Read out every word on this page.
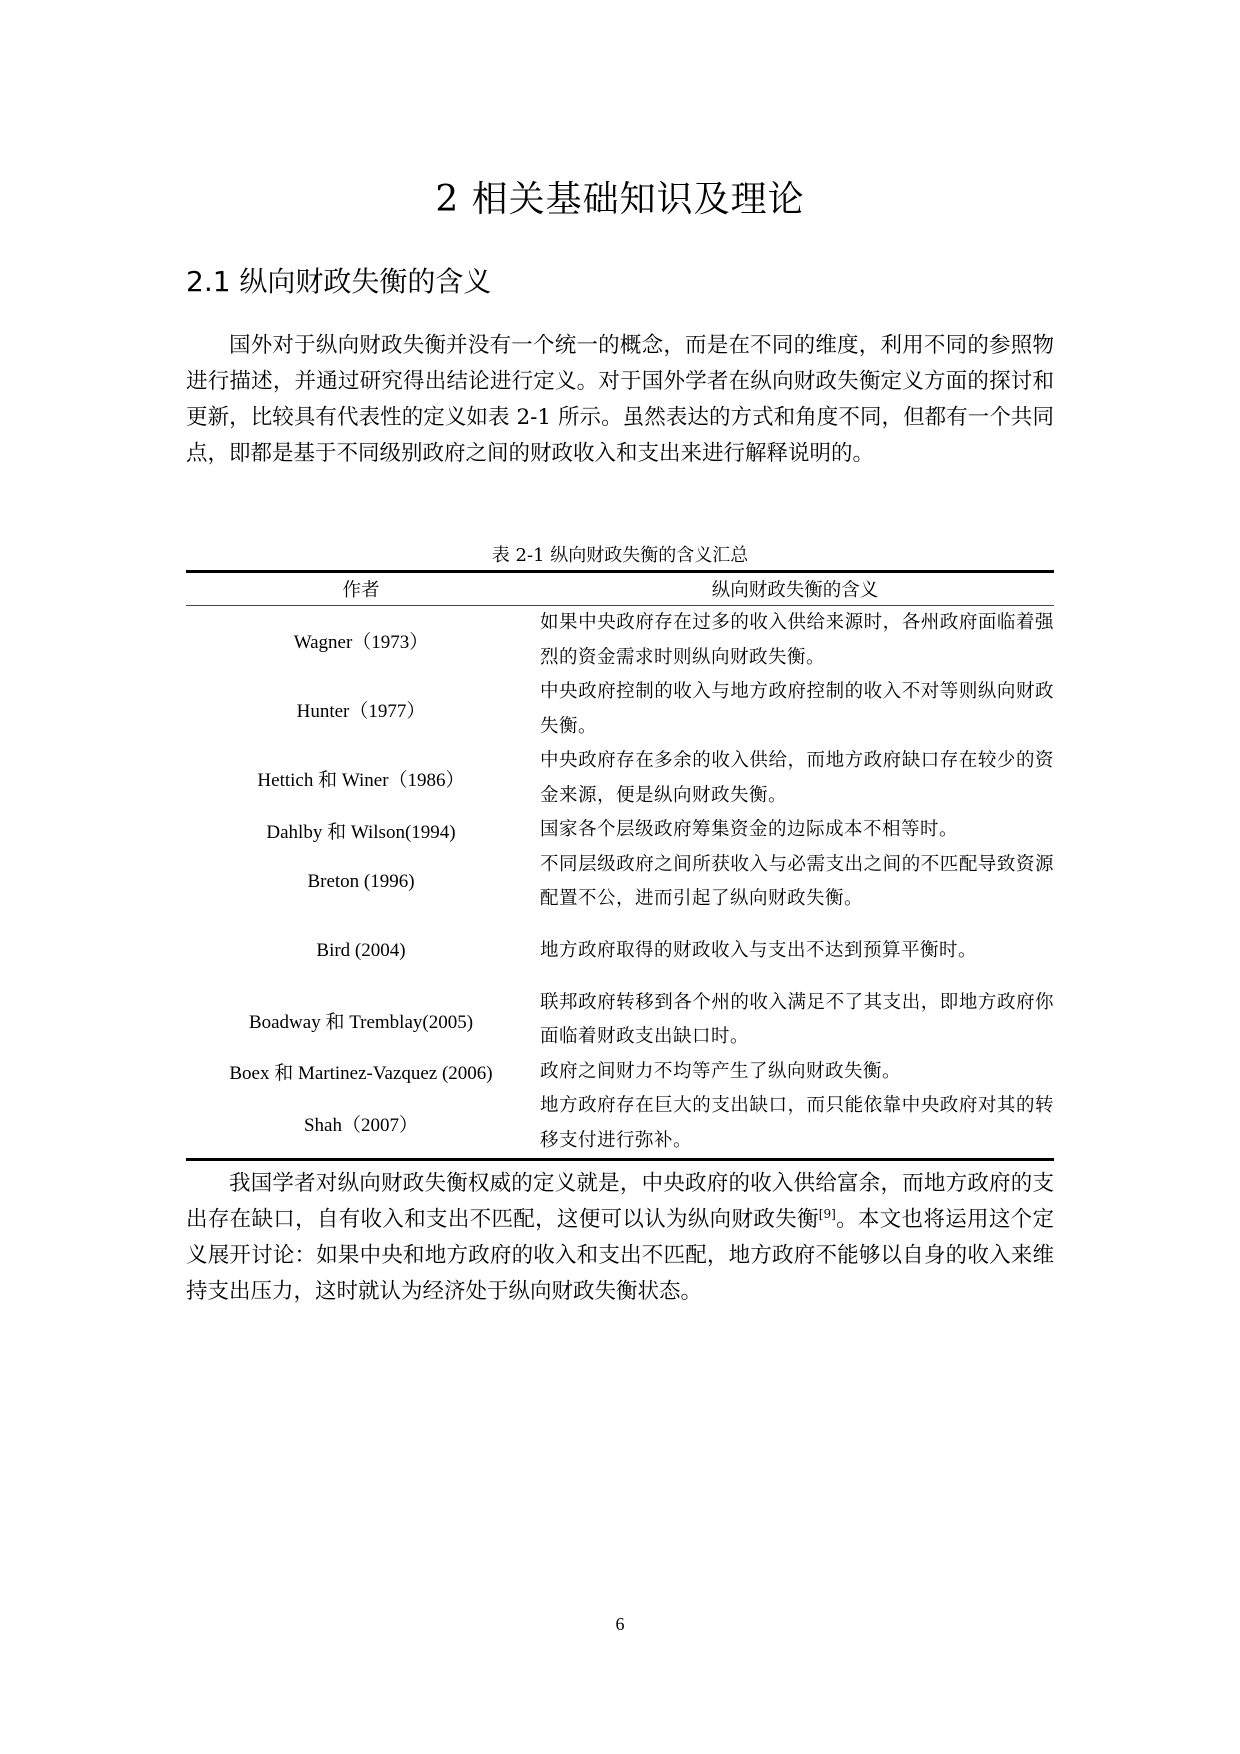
2 相关基础知识及理论
2.1 纵向财政失衡的含义

国外对于纵向财政失衡并没有一个统一的概念，而是在不同的维度，利用不同的参照物进行描述，并通过研究得出结论进行定义。对于国外学者在纵向财政失衡定义方面的探讨和更新，比较具有代表性的定义如表 2-1 所示。虽然表达的方式和角度不同，但都有一个共同点，即都是基于不同级别政府之间的财政收入和支出来进行解释说明的。

表 2-1 纵向财政失衡的含义汇总
作者	纵向财政失衡的含义
Wagner（1973）	如果中央政府存在过多的收入供给来源时，各州政府面临着强烈的资金需求时则纵向财政失衡。
Hunter（1977）	中央政府控制的收入与地方政府控制的收入不对等则纵向财政失衡。
Hettich 和 Winer（1986）	中央政府存在多余的收入供给，而地方政府缺口存在较少的资金来源，便是纵向财政失衡。
Dahlby 和 Wilson(1994)	国家各个层级政府筹集资金的边际成本不相等时。
Breton (1996)	不同层级政府之间所获收入与必需支出之间的不匹配导致资源配置不公，进而引起了纵向财政失衡。
Bird (2004)	地方政府取得的财政收入与支出不达到预算平衡时。
Boadway 和 Tremblay(2005)	联邦政府转移到各个州的收入满足不了其支出，即地方政府你面临着财政支出缺口时。
Boex 和 Martinez-Vazquez (2006)	政府之间财力不均等产生了纵向财政失衡。
Shah（2007）	地方政府存在巨大的支出缺口，而只能依靠中央政府对其的转移支付进行弥补。

我国学者对纵向财政失衡权威的定义就是，中央政府的收入供给富余，而地方政府的支出存在缺口，自有收入和支出不匹配，这便可以认为纵向财政失衡[9]。本文也将运用这个定义展开讨论：如果中央和地方政府的收入和支出不匹配，地方政府不能够以自身的收入来维持支出压力，这时就认为经济处于纵向财政失衡状态。

6
